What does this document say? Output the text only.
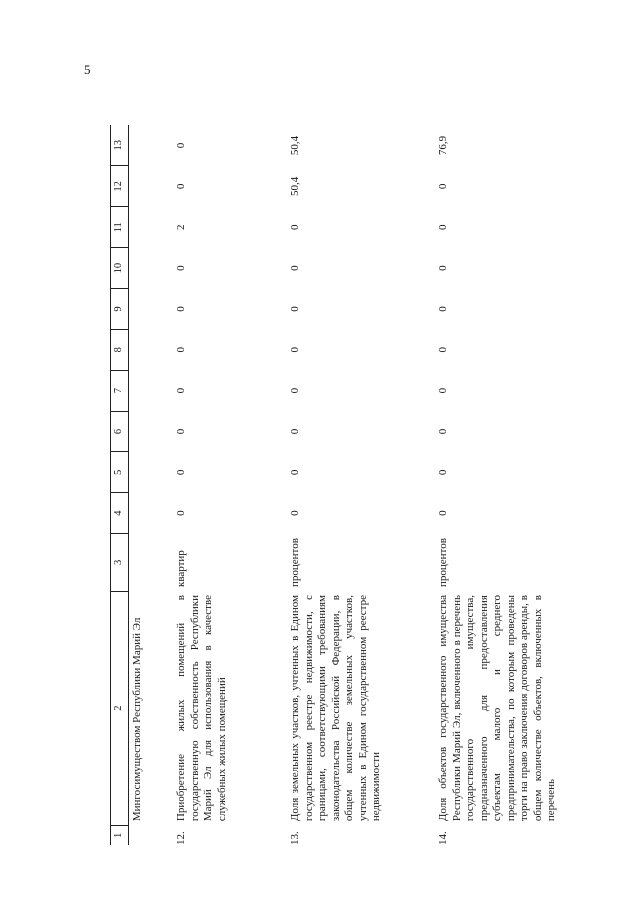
5
1	2	3	4	5	6	7	8	9	10	11	12	13
	Мингосимуществом Республики Марий Эл											
12.	Приобретение жилых помещений в государственную собственность Республики Марий Эл для использования в качестве служебных жилых помещений	квартир	0	0	0	0	0	0	0	2	0	0
13.	Доля земельных участков, учтенных в Едином государственном реестре недвижимости, с границами, соответствующими требованиям законодательства Российской Федерации, в общем количестве земельных участков, учтенных в Едином государственном реестре недвижимости	процентов	0	0	0	0	0	0	0	0	50,4	50,4
14.	Доля объектов государственного имущества Республики Марий Эл, включенного в перечень государственного имущества, предназначенного для предоставления субъектам малого и среднего предпринимательства, по которым проведены торги на право заключения договоров аренды, в общем количестве объектов, включенных в перечень	процентов	0	0	0	0	0	0	0	0	0	76,9
